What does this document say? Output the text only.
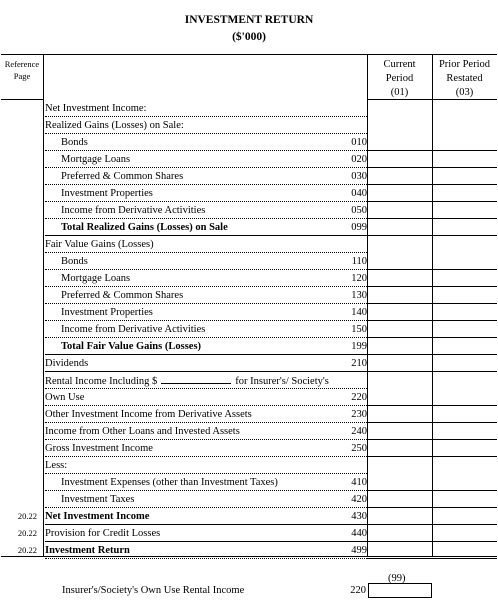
INVESTMENT RETURN
($'000)
Reference
Page
Current
Period
(01)
Prior Period
Restated
(03)
Net Investment Income:
Realized Gains (Losses) on Sale:
Bonds	010
Mortgage Loans	020
Preferred & Common Shares	030
Investment Properties	040
Income from Derivative Activities	050
Total Realized Gains (Losses) on Sale	099
Fair Value Gains (Losses)
Bonds	110
Mortgage Loans	120
Preferred & Common Shares	130
Investment Properties	140
Income from Derivative Activities	150
Total Fair Value Gains (Losses)	199
Dividends	210
Rental Income Including $	for Insurer's/ Society's
Own Use	220
Other Investment Income from Derivative Assets	230
Income from Other Loans and Invested Assets	240
Gross Investment Income	250
Less:
Investment Expenses (other than Investment Taxes)	410
Investment Taxes	420
20.22 Net Investment Income	430
20.22 Provision for Credit Losses	440
20.22 Investment Return	499
(99)
Insurer's/Society's Own Use Rental Income	220
